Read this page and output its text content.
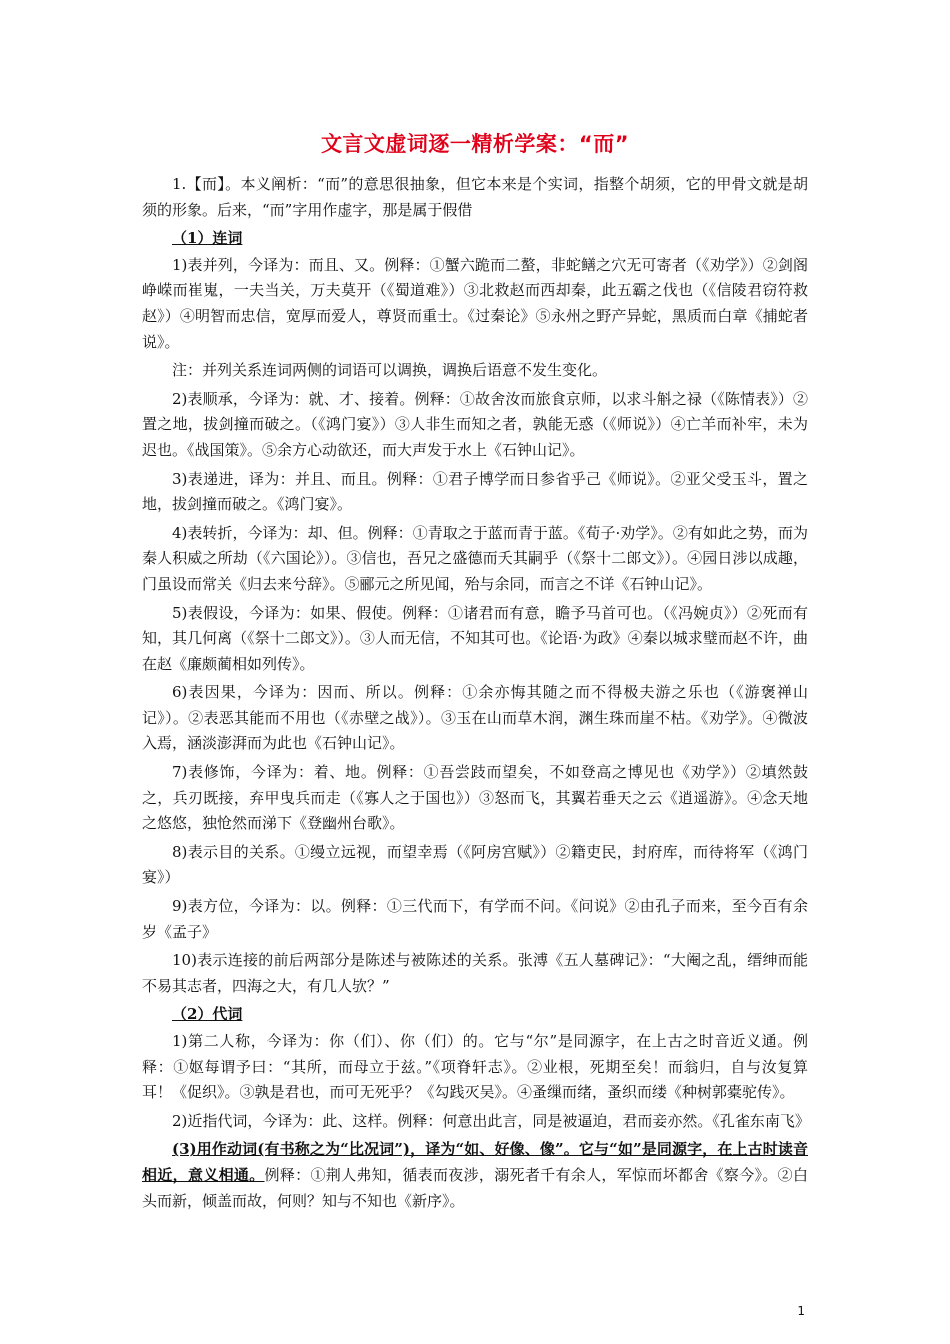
文言文虚词逐一精析学案：“而”

1.【而】。本义阐析：“而”的意思很抽象，但它本来是个实词，指整个胡须，它的甲骨文就是胡须的形象。后来，“而”字用作虚字，那是属于假借

（1）连词

1)表并列，今译为：而且、又。例释：①蟹六跪而二螯，非蛇鳝之穴无可寄者（《劝学》）②剑阁峥嵘而崔嵬，一夫当关，万夫莫开（《蜀道难》）③北救赵而西却秦，此五霸之伐也（《信陵君窃符救赵》）④明智而忠信，宽厚而爱人，尊贤而重士。《过秦论》⑤永州之野产异蛇，黑质而白章《捕蛇者说》。

注：并列关系连词两侧的词语可以调换，调换后语意不发生变化。

2)表顺承，今译为：就、才、接着。例释：①故舍汝而旅食京师，以求斗斛之禄（《陈情表》）②置之地，拔剑撞而破之。（《鸿门宴》）③人非生而知之者，孰能无惑（《师说》）④亡羊而补牢，未为迟也。《战国策》。⑤余方心动欲还，而大声发于水上《石钟山记》。

3)表递进，译为：并且、而且。例释：①君子博学而日参省乎己《师说》。②亚父受玉斗，置之地，拔剑撞而破之。《鸿门宴》。

4)表转折，今译为：却、但。例释：①青取之于蓝而青于蓝。《荀子·劝学》。②有如此之势，而为秦人积威之所劫（《六国论》）。③信也，吾兄之盛德而夭其嗣乎（《祭十二郎文》）。④园日涉以成趣，门虽设而常关《归去来兮辞》。⑤郦元之所见闻，殆与余同，而言之不详《石钟山记》。

5)表假设，今译为：如果、假使。例释：①诸君而有意，瞻予马首可也。（《冯婉贞》）②死而有知，其几何离（《祭十二郎文》）。③人而无信，不知其可也。《论语·为政》④秦以城求璧而赵不许，曲在赵《廉颇蔺相如列传》。

6)表因果，今译为：因而、所以。例释：①余亦悔其随之而不得极夫游之乐也（《游褒禅山记》）。②表恶其能而不用也（《赤壁之战》）。③玉在山而草木润，渊生珠而崖不枯。《劝学》。④微波入焉，涵淡澎湃而为此也《石钟山记》。

7)表修饰，今译为：着、地。例释：①吾尝跂而望矣，不如登高之博见也《劝学》）②填然鼓之，兵刃既接，弃甲曳兵而走（《寡人之于国也》）③怒而飞，其翼若垂天之云《逍遥游》。④念天地之悠悠，独怆然而涕下《登幽州台歌》。

8)表示目的关系。①缦立远视，而望幸焉（《阿房宫赋》）②籍吏民，封府库，而待将军（《鸿门宴》）

9)表方位，今译为：以。例释：①三代而下，有学而不问。《问说》②由孔子而来，至今百有余岁《孟子》

10)表示连接的前后两部分是陈述与被陈述的关系。张溥《五人墓碑记》：“大阉之乱，缙绅而能不易其志者，四海之大，有几人欤？”

（2）代词

1)第二人称，今译为：你（们）、你（们）的。它与“尔”是同源字，在上古之时音近义通。例释：①妪每谓予曰：“其所，而母立于兹。”《项脊轩志》。②业根，死期至矣！而翁归，自与汝复算耳！《促织》。③孰是君也，而可无死乎？《勾践灭吴》。④蚤缫而绪，蚤织而缕《种树郭橐驼传》。

2)近指代词，今译为：此、这样。例释：何意出此言，同是被逼迫，君而妾亦然。《孔雀东南飞》

(3)用作动词(有书称之为“比况词”)，译为“如、好像、像”。它与“如”是同源字，在上古时读音相近，意义相通。例释：①荆人弗知，循表而夜涉，溺死者千有余人，军惊而坏都舍《察今》。②白头而新，倾盖而故，何则？知与不知也《新序》。

1
